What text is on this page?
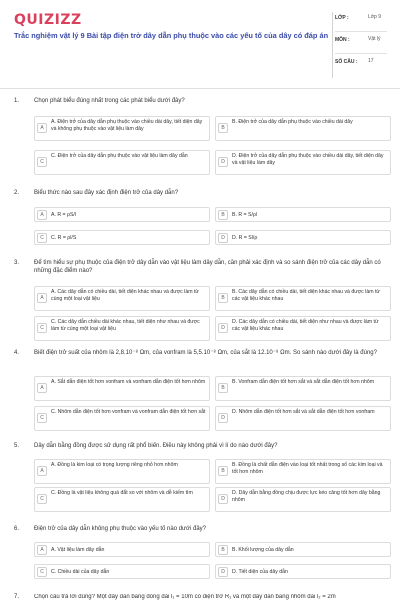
QUIZIZZ
Trắc nghiệm vật lý 9 Bài tập điện trở dây dẫn phụ thuộc vào các yếu tố của dây có đáp án
LỚP :	Lớp 9
MÔN :	Vật lý
SỐ CÂU : 17
1. Chọn phát biểu đúng nhất trong các phát biểu dưới đây?
A
A. Điện trở của dây dẫn phụ thuộc vào chiều dài dây, tiết diện dây và không phụ thuộc vào vật liệu làm dây	B
B. Điện trở của dây dẫn phụ thuộc vào chiều dài dây
C
C. Điện trở của dây dẫn phụ thuộc vào vật liệu làm dây dẫn
D
D. Điện trở của dây dẫn phụ thuộc vào chiều dài dây, tiết diện dây và vật liệu làm dây
2. Biểu thức nào sau đây xác định điện trở của dây dẫn?
A	A. R = ρS/l	B	B. R = S/ρl
C	C. R = ρl/S	D	D. R = Sl/ρ
3. Để tìm hiểu sự phụ thuộc của điện trở dây dẫn vào vật liệu làm dây dẫn, cần phải xác định và so sánh điện trở của các dây dẫn có những đặc điểm nào?
A
A. Các dây dẫn có chiều dài, tiết diện khác nhau và được làm từ cùng một loại vật liệu	B
B. Các dây dẫn có chiều dài, tiết diện khác nhau và được làm từ các vật liệu khác nhau
C
C. Các dây dẫn chiều dài khác nhau, tiết diện như nhau và được làm từ cùng một loại vật liệu	D
D. Các dây dẫn có chiều dài, tiết diện như nhau và được làm từ các vật liệu khác nhau
4. Biết điện trở suất của nhôm là 2,8.10⁻⁸ Ωm, của vonfram là 5,5.10⁻⁸ Ωm, của sắt là 12.10⁻⁸ Ωm. So sánh nào dưới đây là đúng?
A
A. Sắt dẫn điện tốt hơn vonfram và vonfram dẫn điện tốt hơn nhôm
B
B. Vonfram dẫn điện tốt hơn sắt và sắt dẫn điện tốt hơn nhôm
C
C. Nhôm dẫn điện tốt hơn vonfram và vonfram dẫn điện tốt hơn sắt
D
D. Nhôm dẫn điện tốt hơn sắt và sắt dẫn điện tốt hơn vonfram
5. Dây dẫn bằng đồng được sử dụng rất phổ biến. Điều này không phải vì lí do nào dưới đây?
A
A. Đồng là kim loại có trọng lượng riêng nhỏ hơn nhôm
B
B. Đồng là chất dẫn điện vào loại tốt nhất trong số các kim loại và tốt hơn nhôm
C
C. Đồng là vật liệu không quá đắt so với nhôm và dễ kiếm tìm
D
D. Dây dẫn bằng đồng chịu được lực kéo căng tốt hơn dây bằng nhôm
6. Điện trở của dây dẫn không phụ thuộc vào yếu tố nào dưới đây?
A	A. Vật liệu làm dây dẫn	B	B. Khối lượng của dây dẫn
C	C. Chiều dài của dây dẫn	D	D. Tiết diện của dây dẫn
7. Chọn câu trả lời đúng? Một dây dẫn bằng đồng dài l₁ = 10m có điện trở R₁ và một dây dẫn bằng nhôm dài l₂ = 2m
